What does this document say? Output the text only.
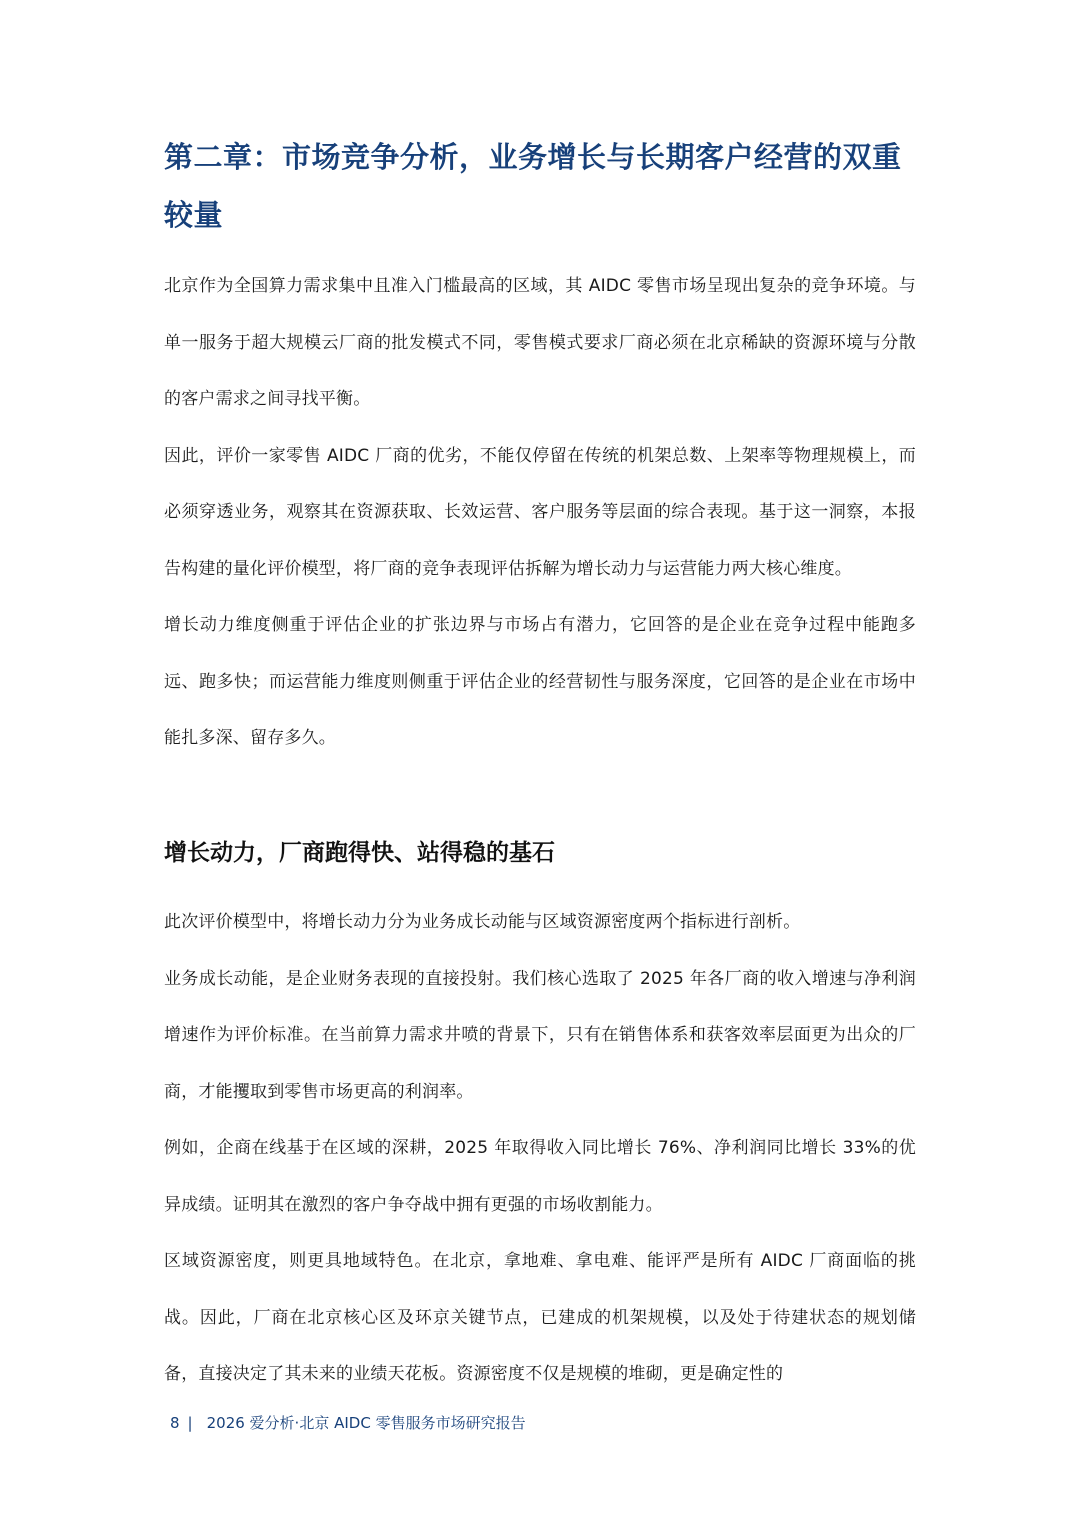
第二章：市场竞争分析，业务增长与长期客户经营的双重较量

北京作为全国算力需求集中且准入门槛最高的区域，其 AIDC 零售市场呈现出复杂的竞争环境。与单一服务于超大规模云厂商的批发模式不同，零售模式要求厂商必须在北京稀缺的资源环境与分散的客户需求之间寻找平衡。

因此，评价一家零售 AIDC 厂商的优劣，不能仅停留在传统的机架总数、上架率等物理规模上，而必须穿透业务，观察其在资源获取、长效运营、客户服务等层面的综合表现。基于这一洞察，本报告构建的量化评价模型，将厂商的竞争表现评估拆解为增长动力与运营能力两大核心维度。

增长动力维度侧重于评估企业的扩张边界与市场占有潜力，它回答的是企业在竞争过程中能跑多远、跑多快；而运营能力维度则侧重于评估企业的经营韧性与服务深度，它回答的是企业在市场中能扎多深、留存多久。

增长动力，厂商跑得快、站得稳的基石

此次评价模型中，将增长动力分为业务成长动能与区域资源密度两个指标进行剖析。

业务成长动能，是企业财务表现的直接投射。我们核心选取了 2025 年各厂商的收入增速与净利润增速作为评价标准。在当前算力需求井喷的背景下，只有在销售体系和获客效率层面更为出众的厂商，才能攫取到零售市场更高的利润率。

例如，企商在线基于在区域的深耕，2025 年取得收入同比增长 76%、净利润同比增长 33%的优异成绩。证明其在激烈的客户争夺战中拥有更强的市场收割能力。

区域资源密度，则更具地域特色。在北京，拿地难、拿电难、能评严是所有 AIDC 厂商面临的挑战。因此，厂商在北京核心区及环京关键节点，已建成的机架规模，以及处于待建状态的规划储备，直接决定了其未来的业绩天花板。资源密度不仅是规模的堆砌，更是确定性的

8 | 2026 爱分析·北京 AIDC 零售服务市场研究报告
